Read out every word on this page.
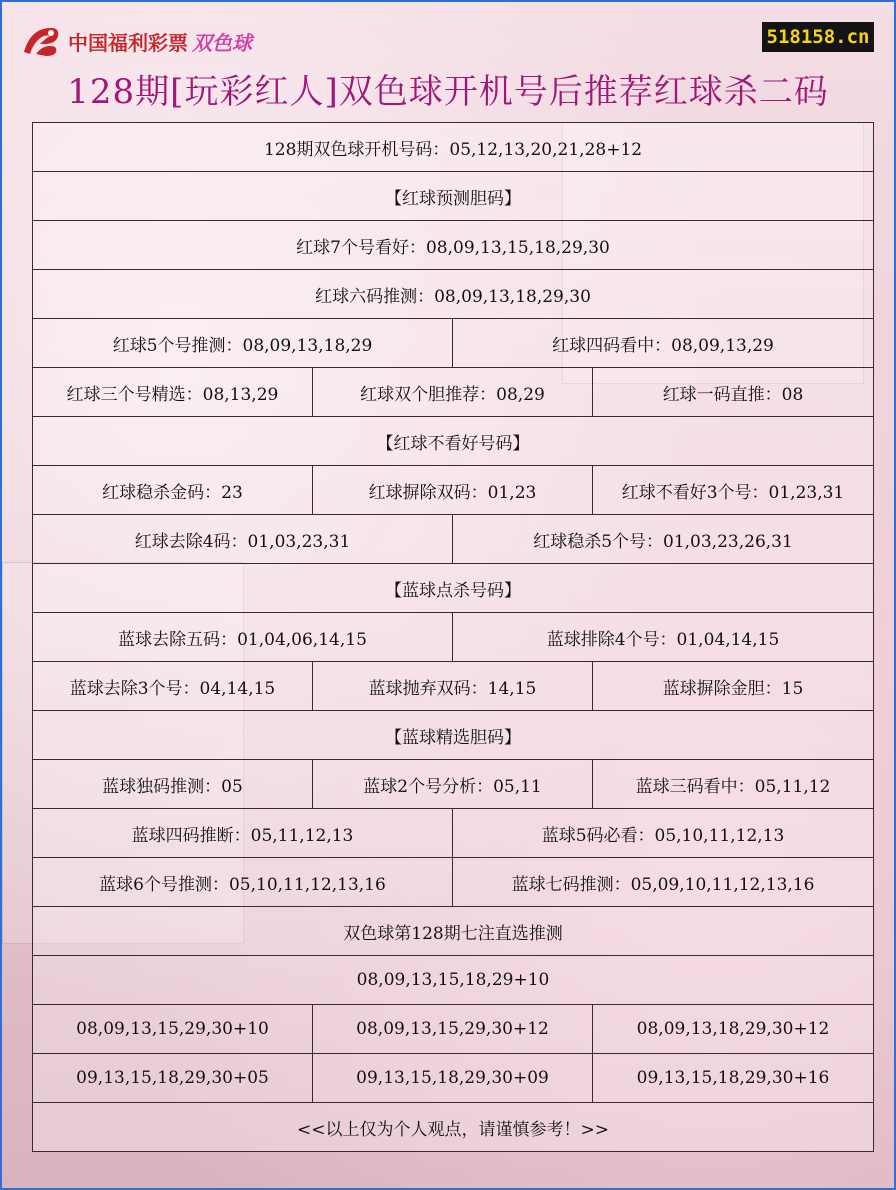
中国福利彩票 双色球	518158.cn
128期[玩彩红人]双色球开机号后推荐红球杀二码
128期双色球开机号码：05,12,13,20,21,28+12			
【红球预测胆码】			
红球7个号看好：08,09,13,15,18,29,30			
红球六码推测：08,09,13,18,29,30			
红球5个号推测：08,09,13,18,29		红球四码看中：08,09,13,29	
红球三个号精选：08,13,29	红球双个胆推荐：08,29		红球一码直推：08
【红球不看好号码】			
红球稳杀金码：23	红球摒除双码：01,23		红球不看好3个号：01,23,31
红球去除4码：01,03,23,31		红球稳杀5个号：01,03,23,26,31	
【蓝球点杀号码】			
蓝球去除五码：01,04,06,14,15		蓝球排除4个号：01,04,14,15	
蓝球去除3个号：04,14,15	蓝球抛弃双码：14,15		蓝球摒除金胆：15
【蓝球精选胆码】			
蓝球独码推测：05	蓝球2个号分析：05,11		蓝球三码看中：05,11,12
蓝球四码推断：05,11,12,13		蓝球5码必看：05,10,11,12,13	
蓝球6个号推测：05,10,11,12,13,16		蓝球七码推测：05,09,10,11,12,13,16	
双色球第128期七注直选推测			
08,09,13,15,18,29+10			
08,09,13,15,29,30+10	08,09,13,15,29,30+12		08,09,13,18,29,30+12
09,13,15,18,29,30+05	09,13,15,18,29,30+09		09,13,15,18,29,30+16
<<以上仅为个人观点，请谨慎参考！>>			
